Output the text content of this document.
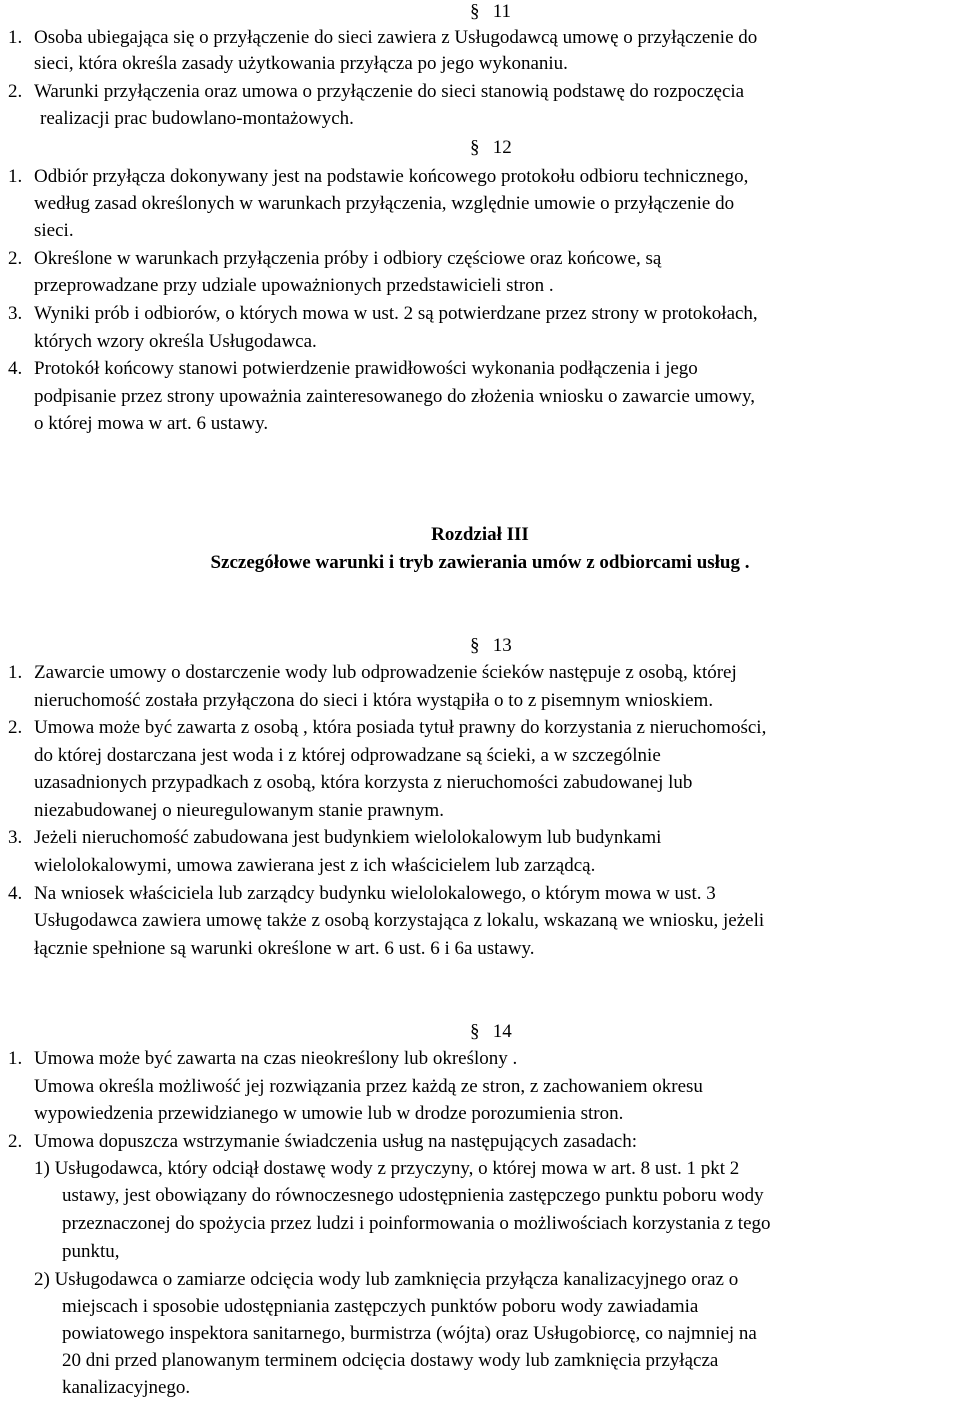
§ 11
1. Osoba ubiegająca się o przyłączenie do sieci zawiera z Usługodawcą umowę o przyłączenie do
sieci, która określa zasady użytkowania przyłącza po jego wykonaniu.
2. Warunki przyłączenia oraz umowa o przyłączenie do sieci stanowią podstawę do rozpoczęcia
realizacji prac budowlano-montażowych.
§ 12
1. Odbiór przyłącza dokonywany jest na podstawie końcowego protokołu odbioru technicznego,
według zasad określonych w warunkach przyłączenia, względnie umowie o przyłączenie do
sieci.
2. Określone w warunkach przyłączenia próby i odbiory częściowe oraz końcowe, są
przeprowadzane przy udziale upoważnionych przedstawicieli stron .
3. Wyniki prób i odbiorów, o których mowa w ust. 2 są potwierdzane przez strony w protokołach,
których wzory określa Usługodawca.
4. Protokół końcowy stanowi potwierdzenie prawidłowości wykonania podłączenia i jego
podpisanie przez strony upoważnia zainteresowanego do złożenia wniosku o zawarcie umowy,
o której mowa w art. 6 ustawy.
Rozdział III
Szczegółowe warunki i tryb zawierania umów z odbiorcami usług .
§ 13
1. Zawarcie umowy o dostarczenie wody lub odprowadzenie ścieków następuje z osobą, której
nieruchomość została przyłączona do sieci i która wystąpiła o to z pisemnym wnioskiem.
2. Umowa może być zawarta z osobą , która posiada tytuł prawny do korzystania z nieruchomości,
do której dostarczana jest woda i z której odprowadzane są ścieki, a w szczególnie
uzasadnionych przypadkach z osobą, która korzysta z nieruchomości zabudowanej lub
niezabudowanej o nieuregulowanym stanie prawnym.
3. Jeżeli nieruchomość zabudowana jest budynkiem wielolokalowym lub budynkami
wielolokalowymi, umowa zawierana jest z ich właścicielem lub zarządcą.
4. Na wniosek właściciela lub zarządcy budynku wielolokalowego, o którym mowa w ust. 3
Usługodawca zawiera umowę także z osobą korzystająca z lokalu, wskazaną we wniosku, jeżeli
łącznie spełnione są warunki określone w art. 6 ust. 6 i 6a ustawy.
§ 14
1. Umowa może być zawarta na czas nieokreślony lub określony .
Umowa określa możliwość jej rozwiązania przez każdą ze stron, z zachowaniem okresu
wypowiedzenia przewidzianego w umowie lub w drodze porozumienia stron.
2. Umowa dopuszcza wstrzymanie świadczenia usług na następujących zasadach:
1) Usługodawca, który odciął dostawę wody z przyczyny, o której mowa w art. 8 ust. 1 pkt 2
ustawy, jest obowiązany do równoczesnego udostępnienia zastępczego punktu poboru wody
przeznaczonej do spożycia przez ludzi i poinformowania o możliwościach korzystania z tego
punktu,
2) Usługodawca o zamiarze odcięcia wody lub zamknięcia przyłącza kanalizacyjnego oraz o
miejscach i sposobie udostępniania zastępczych punktów poboru wody zawiadamia
powiatowego inspektora sanitarnego, burmistrza (wójta) oraz Usługobiorcę, co najmniej na
20 dni przed planowanym terminem odcięcia dostawy wody lub zamknięcia przyłącza
kanalizacyjnego.
